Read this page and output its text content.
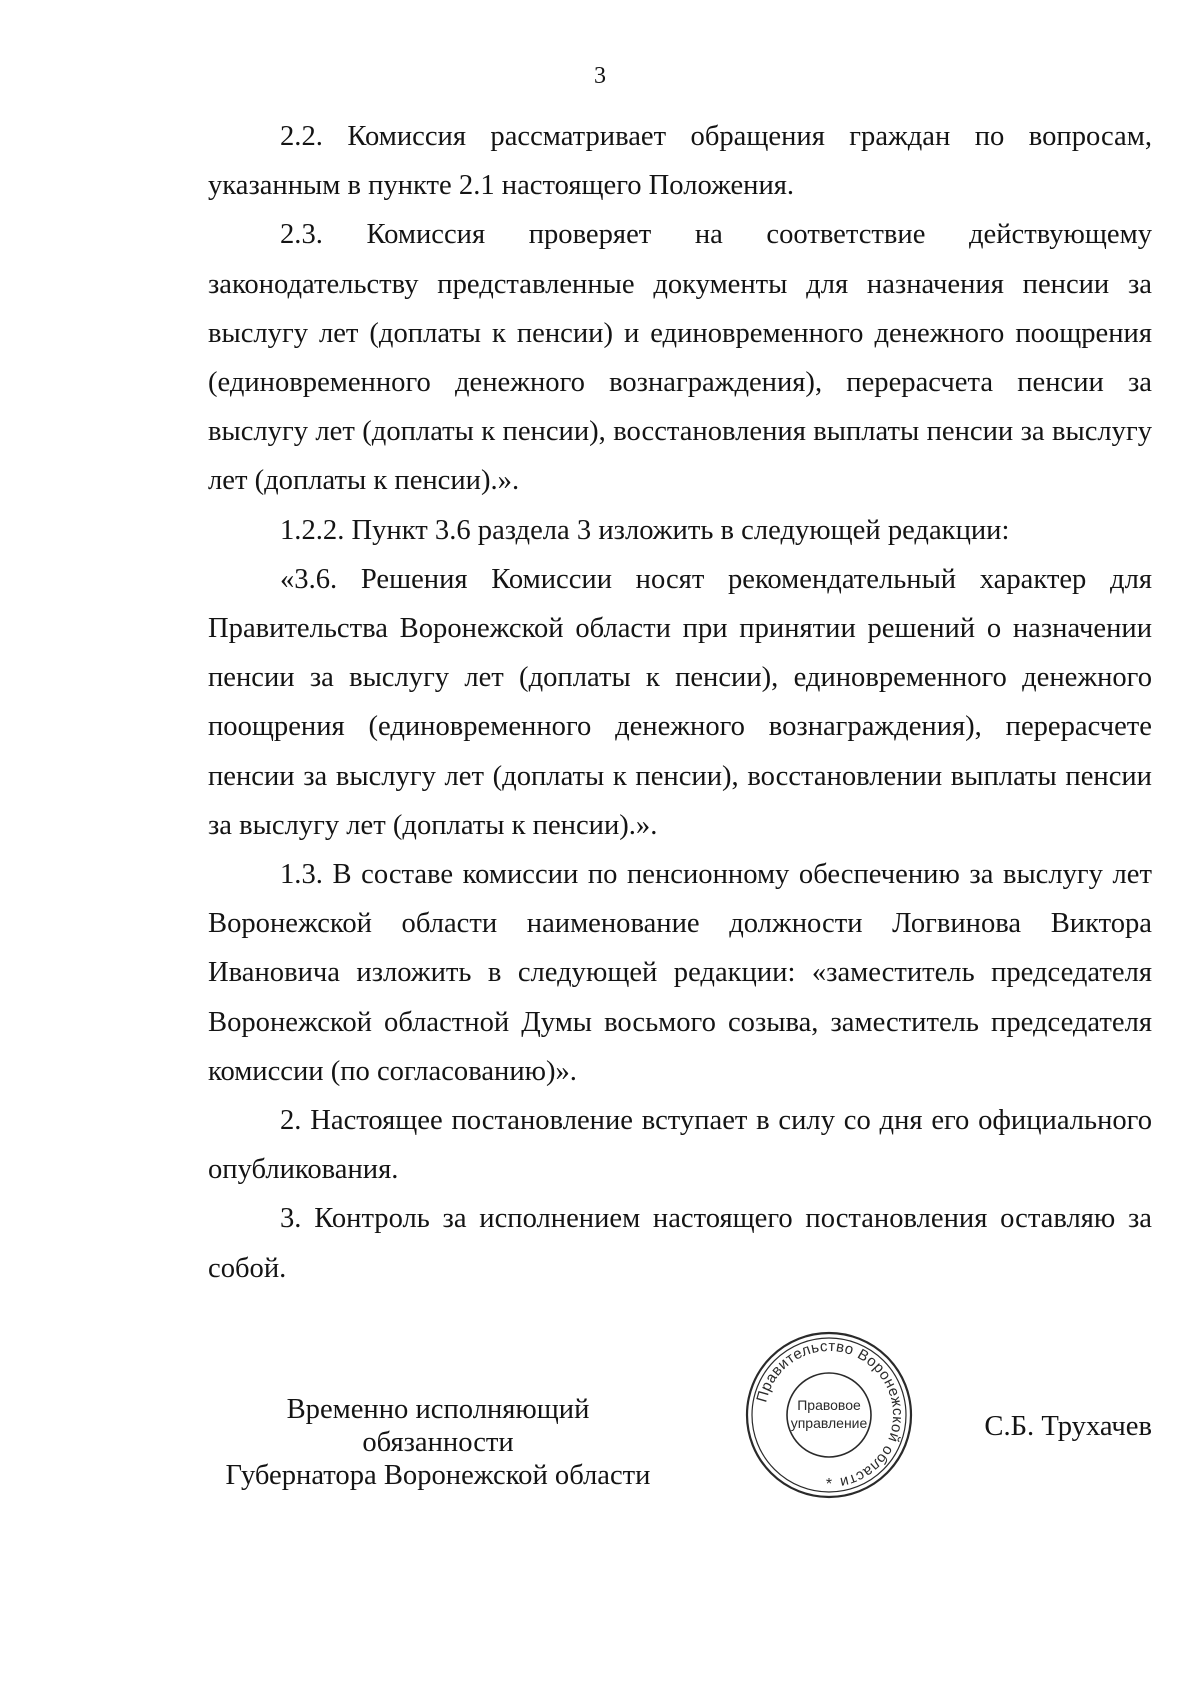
3

2.2. Комиссия рассматривает обращения граждан по вопросам, указанным в пункте 2.1 настоящего Положения.

2.3. Комиссия проверяет на соответствие действующему законодательству представленные документы для назначения пенсии за выслугу лет (доплаты к пенсии) и единовременного денежного поощрения (единовременного денежного вознаграждения), перерасчета пенсии за выслугу лет (доплаты к пенсии), восстановления выплаты пенсии за выслугу лет (доплаты к пенсии).».

1.2.2. Пункт 3.6 раздела 3 изложить в следующей редакции:

«3.6. Решения Комиссии носят рекомендательный характер для Правительства Воронежской области при принятии решений о назначении пенсии за выслугу лет (доплаты к пенсии), единовременного денежного поощрения (единовременного денежного вознаграждения), перерасчете пенсии за выслугу лет (доплаты к пенсии), восстановлении выплаты пенсии за выслугу лет (доплаты к пенсии).».

1.3. В составе комиссии по пенсионному обеспечению за выслугу лет Воронежской области наименование должности Логвинова Виктора Ивановича изложить в следующей редакции: «заместитель председателя Воронежской областной Думы восьмого созыва, заместитель председателя комиссии (по согласованию)».

2. Настоящее постановление вступает в силу со дня его официального опубликования.

3. Контроль за исполнением настоящего постановления оставляю за собой.

Временно исполняющий обязанности
Губернатора Воронежской области
Правительство Воронежской области
Правовое
управление
*
С.Б. Трухачев
